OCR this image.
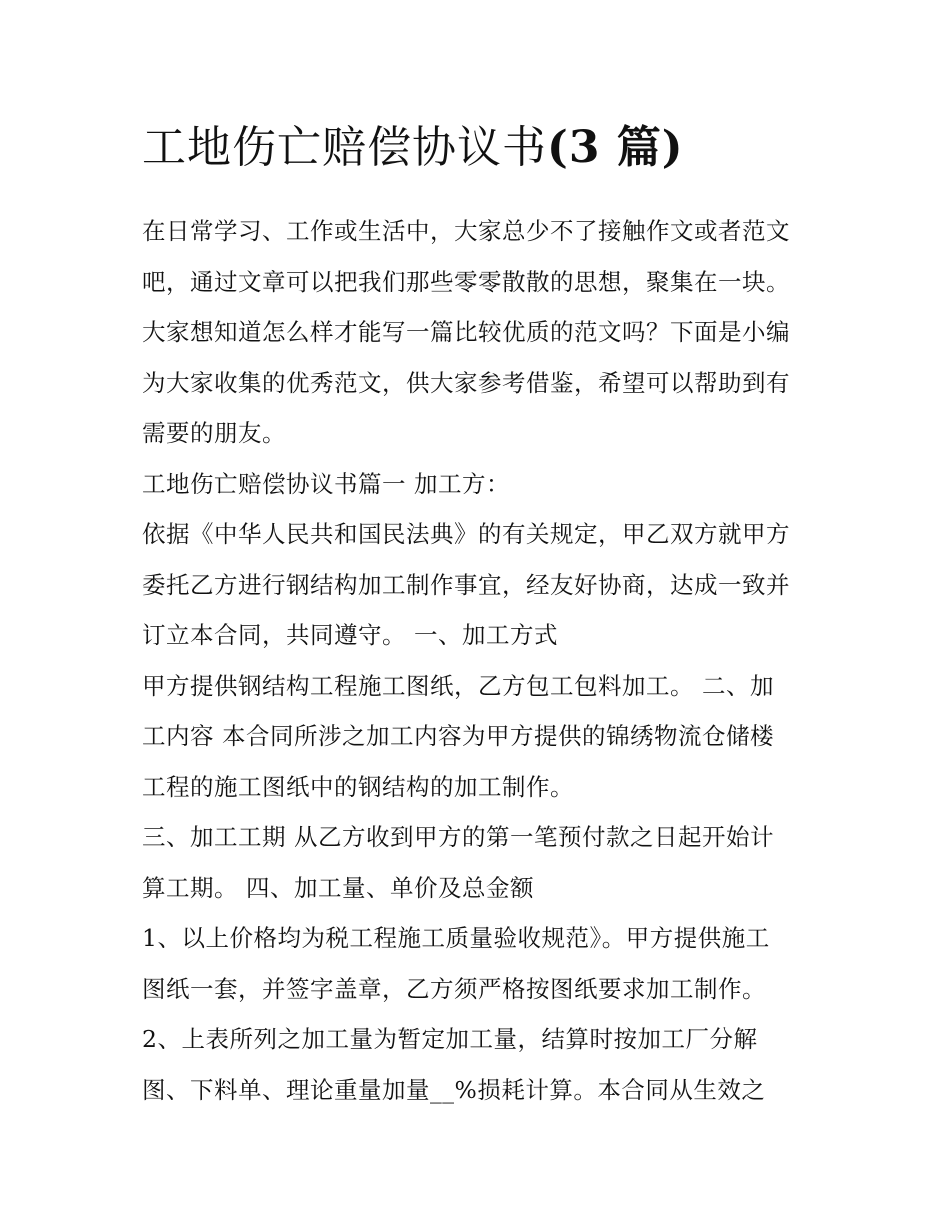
工地伤亡赔偿协议书(3 篇)

在日常学习、工作或生活中，大家总少不了接触作文或者范文
吧，通过文章可以把我们那些零零散散的思想，聚集在一块。
大家想知道怎么样才能写一篇比较优质的范文吗？下面是小编
为大家收集的优秀范文，供大家参考借鉴，希望可以帮助到有
需要的朋友。

工地伤亡赔偿协议书篇一 加工方：

依据《中华人民共和国民法典》的有关规定，甲乙双方就甲方
委托乙方进行钢结构加工制作事宜，经友好协商，达成一致并
订立本合同，共同遵守。 一、加工方式

甲方提供钢结构工程施工图纸，乙方包工包料加工。 二、加
工内容 本合同所涉之加工内容为甲方提供的锦绣物流仓储楼
工程的施工图纸中的钢结构的加工制作。

三、加工工期 从乙方收到甲方的第一笔预付款之日起开始计
算工期。 四、加工量、单价及总金额

1、以上价格均为税工程施工质量验收规范》。甲方提供施工
图纸一套，并签字盖章，乙方须严格按图纸要求加工制作。

2、上表所列之加工量为暂定加工量，结算时按加工厂分解
图、下料单、理论重量加量__%损耗计算。本合同从生效之
